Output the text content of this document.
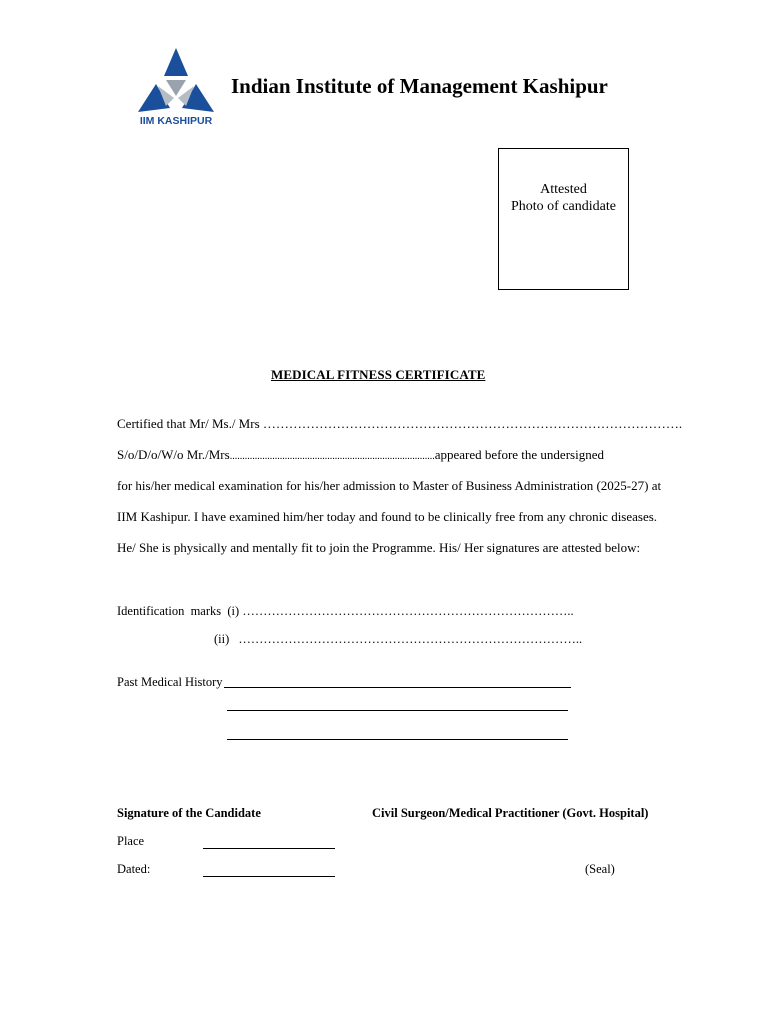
IIM KASHIPUR
Indian Institute of Management Kashipur
Attested
Photo of candidate
MEDICAL FITNESS CERTIFICATE
Certified that Mr/ Ms./ Mrs …………………………………………………………………………………….
S/o/D/o/W/o Mr./Mrs..................................................................................appeared before the undersigned
for his/her medical examination for his/her admission to Master of Business Administration (2025-27) at
IIM Kashipur. I have examined him/her today and found to be clinically free from any chronic diseases.
He/ She is physically and mentally fit to join the Programme. His/ Her signatures are attested below:
Identification  marks  (i) ……………………………………………………………………..
(ii) ………………………………………………………………………..
Past Medical History
Signature of the Candidate	Civil Surgeon/Medical Practitioner (Govt. Hospital)
Place
Dated:	(Seal)
